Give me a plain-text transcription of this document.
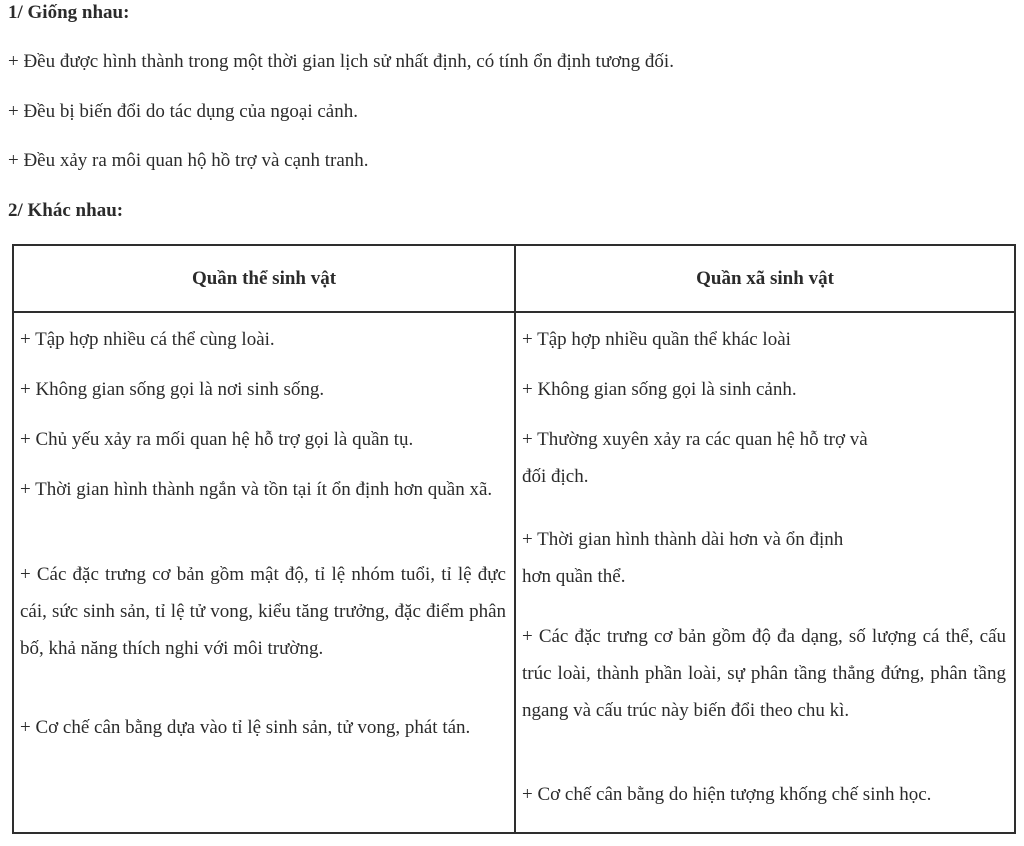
1/ Giống nhau:
+ Đều được hình thành trong một thời gian lịch sử nhất định, có tính ổn định tương đối.
+ Đều bị biến đổi do tác dụng của ngoại cảnh.
+ Đều xảy ra môi quan hộ hồ trợ và cạnh tranh.
2/ Khác nhau:
Quần thể sinh vật	Quần xã sinh vật

+ Tập hợp nhiều cá thể cùng loài.

+ Không gian sống gọi là nơi sinh sống.

+ Chủ yếu xảy ra mối quan hệ hỗ trợ gọi là quần tụ.

+ Thời gian hình thành ngắn và tồn tại ít ổn định hơn quần xã.

+ Các đặc trưng cơ bản gồm mật độ, tỉ lệ nhóm tuổi, tỉ lệ đực cái, sức sinh sản, tỉ lệ tử vong, kiểu tăng trưởng, đặc điểm phân bố, khả năng thích nghi với môi trường.

+ Cơ chế cân bằng dựa vào tỉ lệ sinh sản, tử vong, phát tán.

+ Tập hợp nhiều quần thể khác loài

+ Không gian sống gọi là sinh cảnh.

+ Thường xuyên xảy ra các quan hệ hỗ trợ và đối địch.

+ Thời gian hình thành dài hơn và ổn định hơn quần thể.

+ Các đặc trưng cơ bản gồm độ đa dạng, số lượng cá thể, cấu trúc loài, thành phần loài, sự phân tầng thẳng đứng, phân tầng ngang và cấu trúc này biến đổi theo chu kì.

+ Cơ chế cân bằng do hiện tượng khống chế sinh học.
